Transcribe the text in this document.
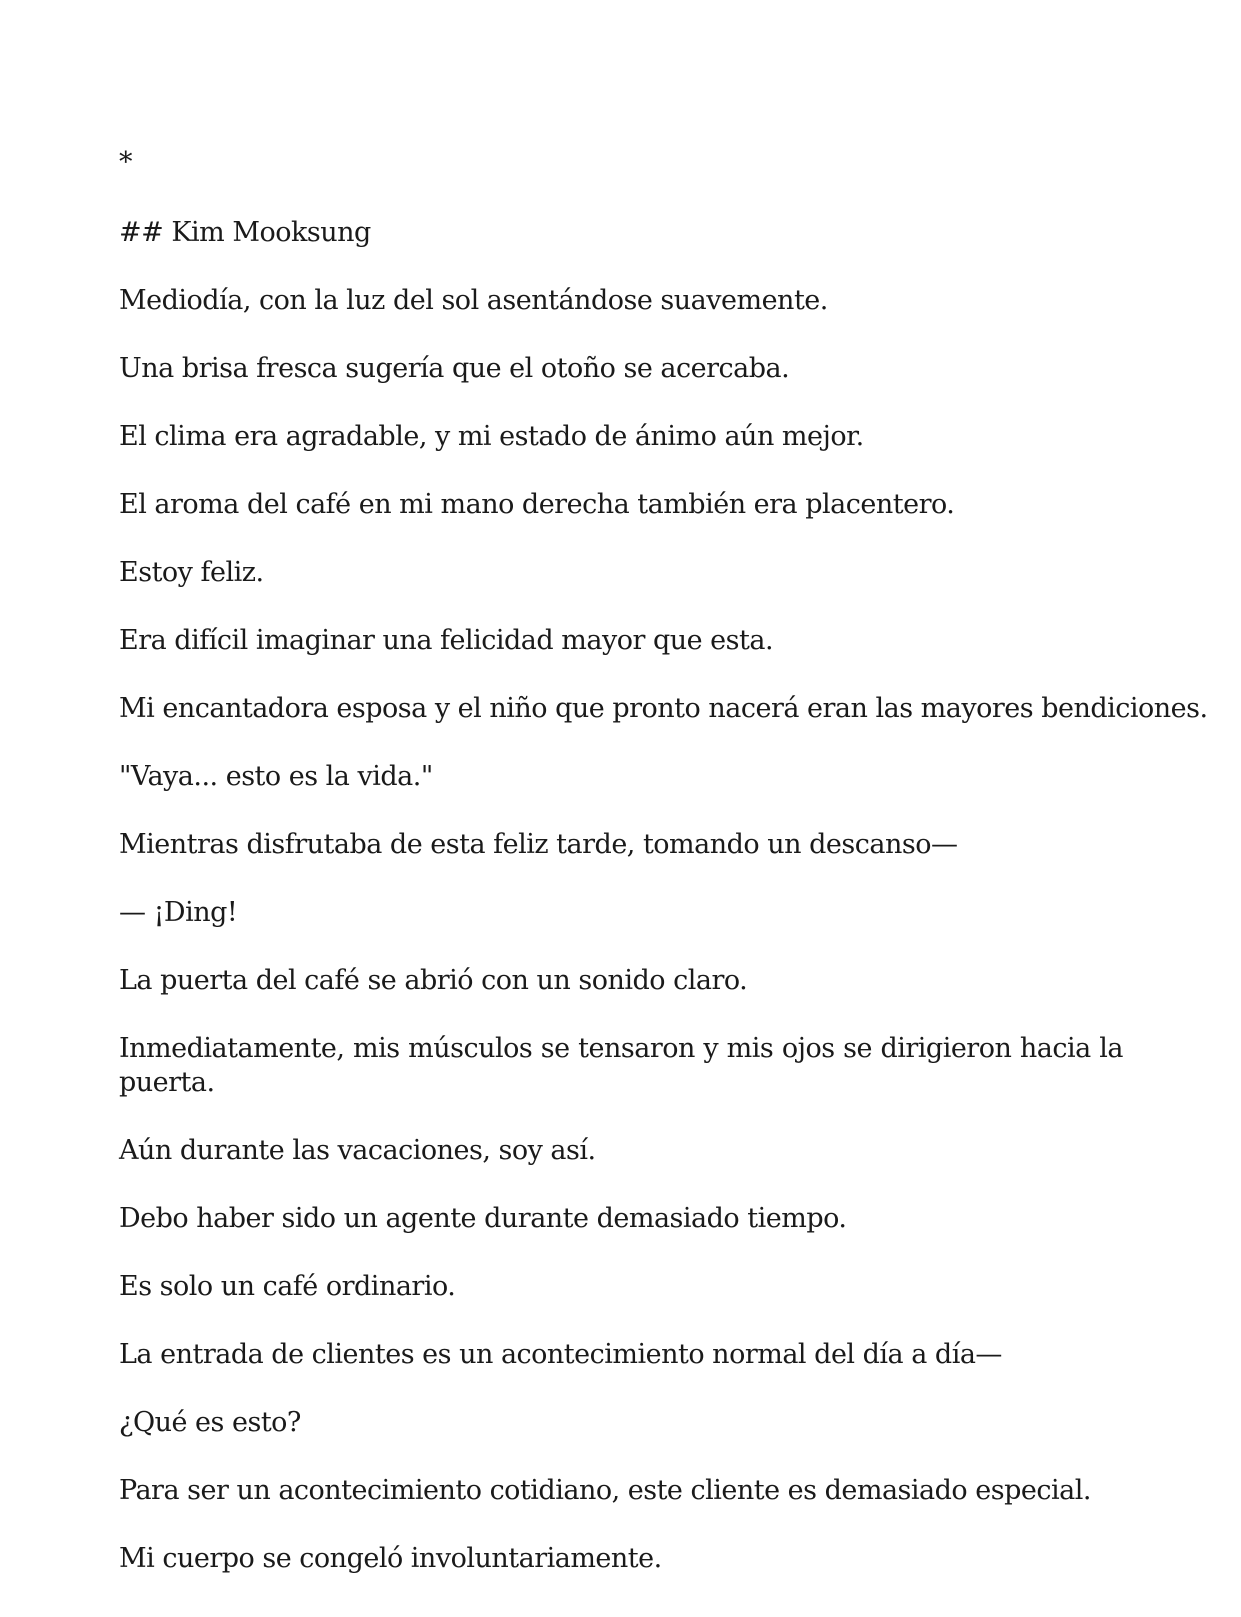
*

## Kim Mooksung

Mediodía, con la luz del sol asentándose suavemente.

Una brisa fresca sugería que el otoño se acercaba.

El clima era agradable, y mi estado de ánimo aún mejor.

El aroma del café en mi mano derecha también era placentero.

Estoy feliz.

Era difícil imaginar una felicidad mayor que esta.

Mi encantadora esposa y el niño que pronto nacerá eran las mayores bendiciones.

"Vaya... esto es la vida."

Mientras disfrutaba de esta feliz tarde, tomando un descanso—

— ¡Ding!

La puerta del café se abrió con un sonido claro.

Inmediatamente, mis músculos se tensaron y mis ojos se dirigieron hacia la puerta.

Aún durante las vacaciones, soy así.

Debo haber sido un agente durante demasiado tiempo.

Es solo un café ordinario.

La entrada de clientes es un acontecimiento normal del día a día—

¿Qué es esto?

Para ser un acontecimiento cotidiano, este cliente es demasiado especial.

Mi cuerpo se congeló involuntariamente.
